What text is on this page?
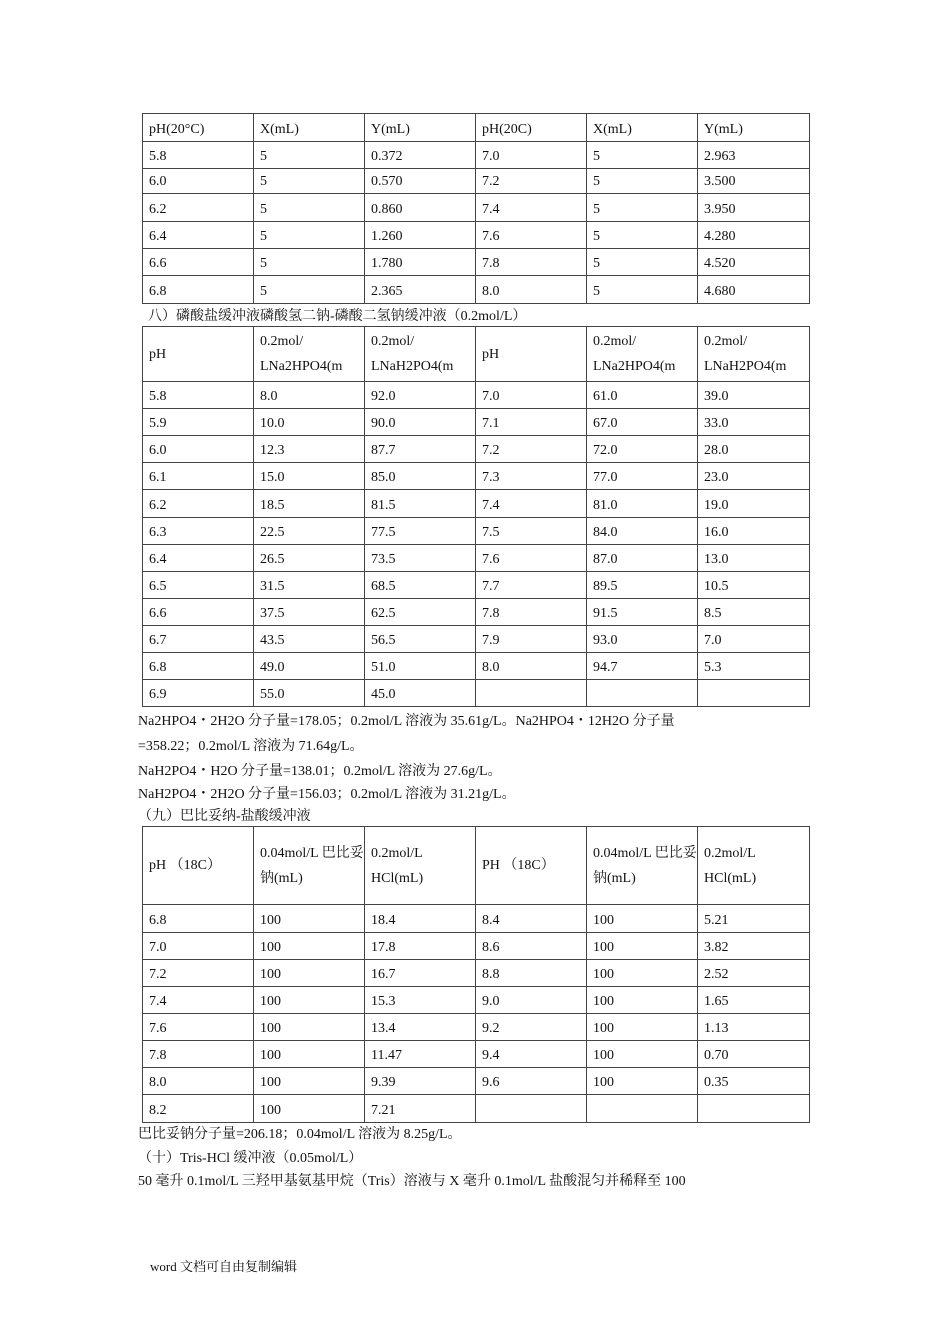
pH(20°C)	X(mL)	Y(mL)	pH(20C)	X(mL)	Y(mL)
5.8	5	0.372	7.0	5	2.963
6.0	5	0.570	7.2	5	3.500
6.2	5	0.860	7.4	5	3.950
6.4	5	1.260	7.6	5	4.280
6.6	5	1.780	7.8	5	4.520
6.8	5	2.365	8.0	5	4.680
八）磷酸盐缓冲液磷酸氢二钠-磷酸二氢钠缓冲液（0.2mol/L）
pH	0.2mol/ LNa2HPO4(m	0.2mol/ LNaH2PO4(m	pH	0.2mol/ LNa2HPO4(m	0.2mol/ LNaH2PO4(m
5.8	8.0	92.0	7.0	61.0	39.0
5.9	10.0	90.0	7.1	67.0	33.0
6.0	12.3	87.7	7.2	72.0	28.0
6.1	15.0	85.0	7.3	77.0	23.0
6.2	18.5	81.5	7.4	81.0	19.0
6.3	22.5	77.5	7.5	84.0	16.0
6.4	26.5	73.5	7.6	87.0	13.0
6.5	31.5	68.5	7.7	89.5	10.5
6.6	37.5	62.5	7.8	91.5	8.5
6.7	43.5	56.5	7.9	93.0	7.0
6.8	49.0	51.0	8.0	94.7	5.3
6.9	55.0	45.0			
Na2HPO4・2H2O 分子量=178.05；0.2mol/L 溶液为 35.61g/L。Na2HPO4・12H2O 分子量
=358.22；0.2mol/L 溶液为 71.64g/L。
NaH2PO4・H2O 分子量=138.01；0.2mol/L 溶液为 27.6g/L。
NaH2PO4・2H2O 分子量=156.03；0.2mol/L 溶液为 31.21g/L。
（九）巴比妥纳-盐酸缓冲液
pH （18C）	0.04mol/L 巴比妥钠(mL)	0.2mol/L HCl(mL)	PH （18C）	0.04mol/L 巴比妥钠(mL)	0.2mol/L HCl(mL)
6.8	100	18.4	8.4	100	5.21
7.0	100	17.8	8.6	100	3.82
7.2	100	16.7	8.8	100	2.52
7.4	100	15.3	9.0	100	1.65
7.6	100	13.4	9.2	100	1.13
7.8	100	11.47	9.4	100	0.70
8.0	100	9.39	9.6	100	0.35
8.2	100	7.21			
巴比妥钠分子量=206.18；0.04mol/L 溶液为 8.25g/L。
（十）Tris-HCl 缓冲液（0.05mol/L）
50 毫升 0.1mol/L 三羟甲基氨基甲烷（Tris）溶液与 X 毫升 0.1mol/L 盐酸混匀并稀释至 100
word 文档可自由复制编辑
